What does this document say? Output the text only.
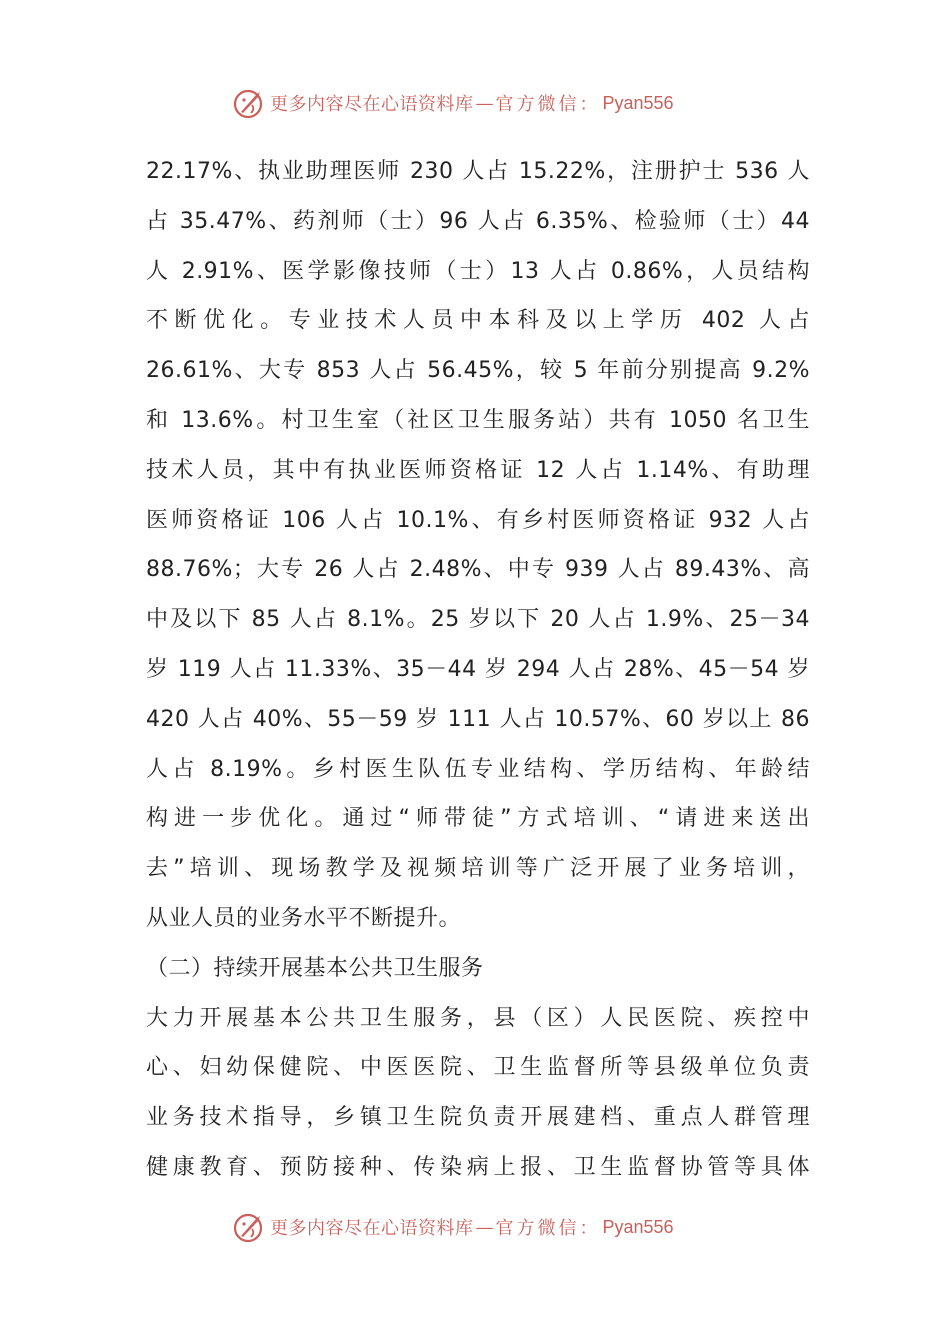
更多内容尽在心语资料库 — 官方微信： Pyan556
22.17%、执业助理医师 230 人占 15.22%，注册护士 536 人
占 35.47%、药剂师（士）96 人占 6.35%、检验师（士）44
人 2.91%、医学影像技师（士）13 人占 0.86%，人员结构
不断优化。专业技术人员中本科及以上学历 402 人占
26.61%、大专 853 人占 56.45%，较 5 年前分别提高 9.2%
和 13.6%。村卫生室（社区卫生服务站）共有 1050 名卫生
技术人员，其中有执业医师资格证 12 人占 1.14%、有助理
医师资格证 106 人占 10.1%、有乡村医师资格证 932 人占
88.76%；大专 26 人占 2.48%、中专 939 人占 89.43%、高
中及以下 85 人占 8.1%。25 岁以下 20 人占 1.9%、25－34
岁 119 人占 11.33%、35－44 岁 294 人占 28%、45－54 岁
420 人占 40%、55－59 岁 111 人占 10.57%、60 岁以上 86
人占 8.19%。乡村医生队伍专业结构、学历结构、年龄结
构进一步优化。通过“师带徒”方式培训、“请进来送出
去”培训、现场教学及视频培训等广泛开展了业务培训，
从业人员的业务水平不断提升。
（二）持续开展基本公共卫生服务
大力开展基本公共卫生服务，县（区）人民医院、疾控中
心、妇幼保健院、中医医院、卫生监督所等县级单位负责
业务技术指导，乡镇卫生院负责开展建档、重点人群管理
健康教育、预防接种、传染病上报、卫生监督协管等具体
更多内容尽在心语资料库 — 官方微信： Pyan556
